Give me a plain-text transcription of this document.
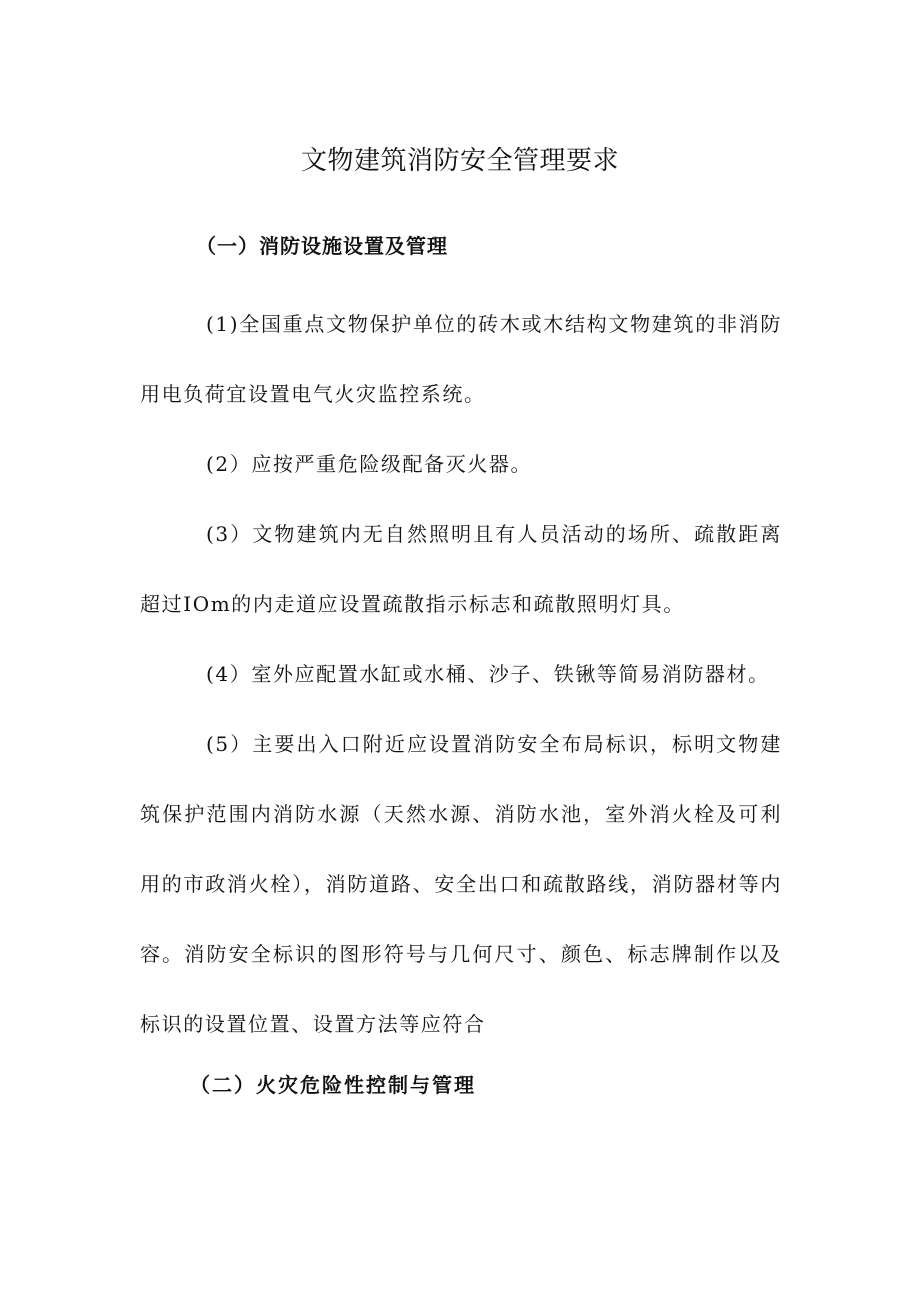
文物建筑消防安全管理要求
（一）消防设施设置及管理

(1)全国重点文物保护单位的砖木或木结构文物建筑的非消防用电负荷宜设置电气火灾监控系统。

(2）应按严重危险级配备灭火器。

(3）文物建筑内无自然照明且有人员活动的场所、疏散距离超过IOm的内走道应设置疏散指示标志和疏散照明灯具。

(4）室外应配置水缸或水桶、沙子、铁锹等简易消防器材。

(5）主要出入口附近应设置消防安全布局标识，标明文物建筑保护范围内消防水源（天然水源、消防水池，室外消火栓及可利用的市政消火栓），消防道路、安全出口和疏散路线，消防器材等内容。消防安全标识的图形符号与几何尺寸、颜色、标志牌制作以及标识的设置位置、设置方法等应符合

（二）火灾危险性控制与管理
